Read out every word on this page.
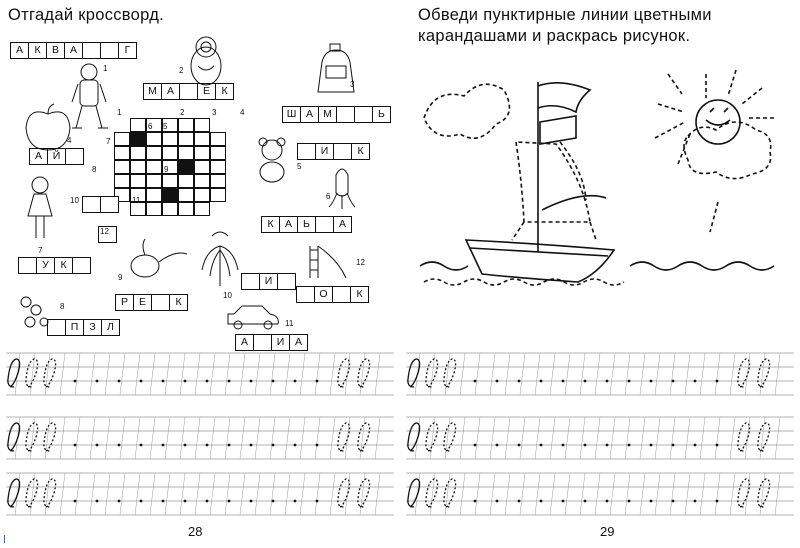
Отгадай кроссворд.
А	К	В	А	Г
М А	Е	К
Ш А М	Ь
А	Й	И	К
К	А	Ь	А
У	К
П	З	Л
Р	Е	К
И
А	И	А
О	К
1	2
3
4
5
6
7
8
9
10
11
12
1	2	3	4
5
6
7
8	9
10	11
12
28
Обведи пунктирные линии цветными
карандашами и раскрась рисунок.
29
